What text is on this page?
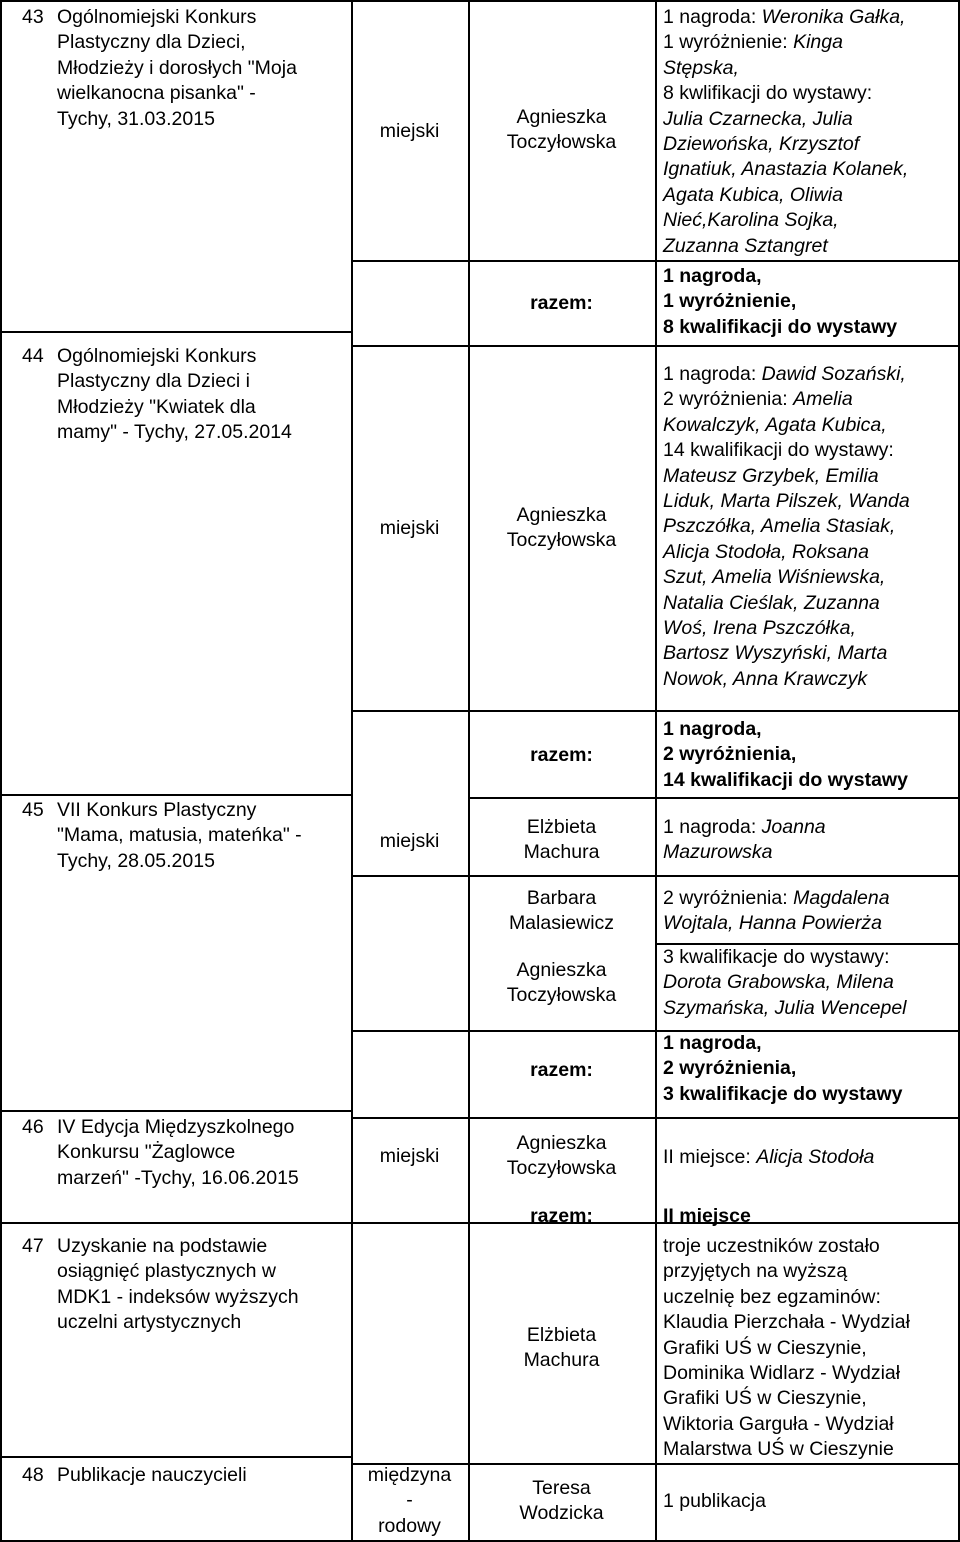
43 Ogólnomiejski Konkurs
Plastyczny dla Dzieci,
Młodzieży i dorosłych "Moja
wielkanocna pisanka" -
Tychy, 31.03.2015
miejski
Agnieszka
Toczyłowska
1 nagroda: Weronika Gałka,
1 wyróżnienie: Kinga
Stępska,
8 kwlifikacji do wystawy:
Julia Czarnecka, Julia
Dziewońska, Krzysztof
Ignatiuk, Anastazia Kolanek,
Agata Kubica, Oliwia
Nieć,Karolina Sojka,
Zuzanna Sztangret
razem:
1 nagroda,
1 wyróżnienie,
8 kwalifikacji do wystawy
44 Ogólnomiejski Konkurs
Plastyczny dla Dzieci i
Młodzieży "Kwiatek dla
mamy" - Tychy, 27.05.2014
miejski
Agnieszka
Toczyłowska
1 nagroda: Dawid Sozański,
2 wyróżnienia: Amelia
Kowalczyk, Agata Kubica,
14 kwalifikacji do wystawy:
Mateusz Grzybek, Emilia
Liduk, Marta Pilszek, Wanda
Pszczółka, Amelia Stasiak,
Alicja Stodoła, Roksana
Szut, Amelia Wiśniewska,
Natalia Cieślak, Zuzanna
Woś, Irena Pszczółka,
Bartosz Wyszyński, Marta
Nowok, Anna Krawczyk
razem:
1 nagroda,
2 wyróżnienia,
14 kwalifikacji do wystawy
45 VII Konkurs Plastyczny
"Mama, matusia, mateńka" -
Tychy, 28.05.2015
miejski
Elżbieta
Machura
Barbara
Malasiewicz
Agnieszka
Toczyłowska
1 nagroda: Joanna
Mazurowska
2 wyróżnienia: Magdalena
Wojtala, Hanna Powierża
3 kwalifikacje do wystawy:
Dorota Grabowska, Milena
Szymańska, Julia Wencepel
razem:
1 nagroda,
2 wyróżnienia,
3 kwalifikacje do wystawy
46 IV Edycja Międzyszkolnego
Konkursu "Żaglowce
marzeń" -Tychy, 16.06.2015
miejski
Agnieszka
Toczyłowska
II miejsce: Alicja Stodoła
razem:	II miejsce
47 Uzyskanie na podstawie
osiągnięć plastycznych w
MDK1 - indeksów wyższych
uczelni artystycznych
Elżbieta
Machura
troje uczestników zostało
przyjętych na wyższą
uczelnię bez egzaminów:
Klaudia Pierzchała - Wydział
Grafiki UŚ w Cieszynie,
Dominika Widlarz - Wydział
Grafiki UŚ w Cieszynie,
Wiktoria Garguła - Wydział
Malarstwa UŚ w Cieszynie
48 Publikacje nauczycieli	międzyna
-
rodowy
Teresa
Wodzicka
1 publikacja
